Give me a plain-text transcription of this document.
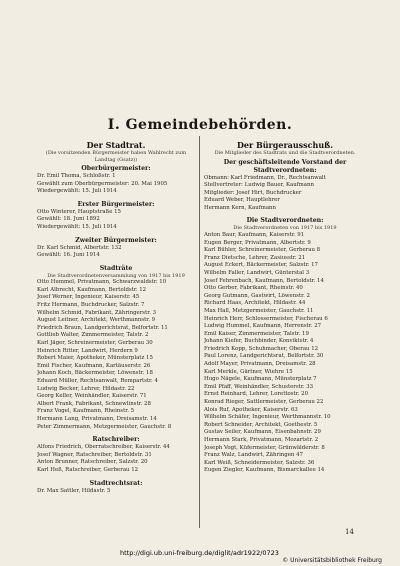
I. Gemeindebehörden.
Der Stadtrat.
(Die vorsitzenden Bürgermeister haben Wahlrecht zum Landtag (Gsatz))
Oberbürgermeister:
Dr. Emil Thoma, Schloßstr. 1
Gewählt zum Oberbürgermeister: 20. Mai 1905
Wiedergewählt: 15. Juli 1914
Erster Bürgermeister:
Otto Winterer, Hauptstraße 15
Gewählt: 18. Juni 1892
Wiedergewählt: 15. Juli 1914
Zweiter Bürgermeister:
Dr. Karl Schmid, Albertstr. 132
Gewählt: 16. Juni 1914
Stadträte
Die Stadtverordnetenversammlung von 1917 bis 1919
Otto Hummel, Privatmann, Schwarzwaldstr. 10
Karl Albrecht, Kaufmann, Bertoldstr. 12
Josef Werner, Ingenieur, Kaiserstr. 45
Fritz Hermann, Buchdrucker, Salzstr. 7
Wilhelm Schmid, Fabrikant, Zähringerstr. 3
August Leitner, Architekt, Werthmannstr. 9
Friedrich Braun, Landgerichtsrat, Belfortstr. 11
Gottlieb Walter, Zimmermeister, Talstr. 2
Karl Jäger, Schreinermeister, Gerberau 30
Heinrich Ritter, Landwirt, Herdern 9
Robert Maier, Apotheker, Münsterplatz 15
Emil Fischer, Kaufmann, Kartäuserstr. 26
Johann Koch, Bäckermeister, Löwenstr. 18
Eduard Müller, Rechtsanwalt, Rempartstr. 4
Ludwig Becker, Lehrer, Hildastr. 22
Georg Keller, Weinhändler, Kaiserstr. 71
Albert Frank, Fabrikant, Schnewlinstr. 28
Franz Vogel, Kaufmann, Rheinstr. 5
Hermann Lang, Privatmann, Dreisamstr. 14
Peter Zimmermann, Metzgermeister, Gauchstr. 8
Ratschreiber:
Alfons Friedrich, Oberratschreiber, Kaiserstr. 44
Josef Wagner, Ratschreiber, Bertoldstr. 31
Anton Brunner, Ratschreiber, Salzstr. 20
Karl Heß, Ratschreiber, Gerberau 12
Stadtrechtsrat:
Dr. Max Sattler, Hildastr. 5
Der Bürgerausschuß.
Die Mitglieder des Stadtrats und die Stadtverordneten.
Der geschäftsleitende Vorstand der Stadtverordneten:
Obmann: Karl Friedmann, Dr., Rechtsanwalt
Stellvertreter: Ludwig Bauer, Kaufmann
Mitglieder: Josef Hirt, Buchdrucker
Eduard Weber, Hauptlehrer
Hermann Kern, Kaufmann
Die Stadtverordneten:
Die Stadtverordneten von 1917 bis 1919
Anton Baur, Kaufmann, Kaiserstr. 91
Eugen Berger, Privatmann, Albertstr. 9
Karl Bühler, Schreinermeister, Gerberau 8
Franz Dietsche, Lehrer, Zasiusstr. 21
August Eckert, Bäckermeister, Salzstr. 17
Wilhelm Faller, Landwirt, Günterstal 3
Josef Fehrenbach, Kaufmann, Bertoldstr. 14
Otto Gerber, Fabrikant, Rheinstr. 40
Georg Gutmann, Gastwirt, Löwenstr. 2
Richard Haas, Architekt, Hildastr. 44
Max Hall, Metzgermeister, Gauchstr. 11
Heinrich Herr, Schlossermeister, Fischerau 6
Ludwig Hummel, Kaufmann, Herrenstr. 27
Emil Kaiser, Zimmermeister, Talstr. 19
Johann Kiefer, Buchbinder, Konviktstr. 4
Friedrich Kopp, Schuhmacher, Oberau 12
Paul Lorenz, Landgerichtsrat, Belfortstr. 30
Adolf Mayer, Privatmann, Dreisamstr. 28
Karl Merkle, Gärtner, Wiehre 15
Hugo Nägele, Kaufmann, Münsterplatz 7
Emil Pfaff, Weinhändler, Schusterstr. 33
Ernst Reinhard, Lehrer, Lorettostr. 20
Konrad Rieger, Sattlermeister, Gerberau 22
Alois Ruf, Apotheker, Kaiserstr. 63
Wilhelm Schäfer, Ingenieur, Werthmannstr. 10
Robert Schneider, Architekt, Goethestr. 5
Gustav Seiler, Kaufmann, Eisenbahnstr. 29
Hermann Stark, Privatmann, Mozartstr. 2
Joseph Vogt, Küfermeister, Grünwälderstr. 8
Franz Walz, Landwirt, Zähringen 47
Karl Weiß, Schneidermeister, Salzstr. 36
Eugen Ziegler, Kaufmann, Bismarckallee 14
14
http://digi.ub.uni-freiburg.de/diglit/adr1922/0723
© Universitätsbibliothek Freiburg
